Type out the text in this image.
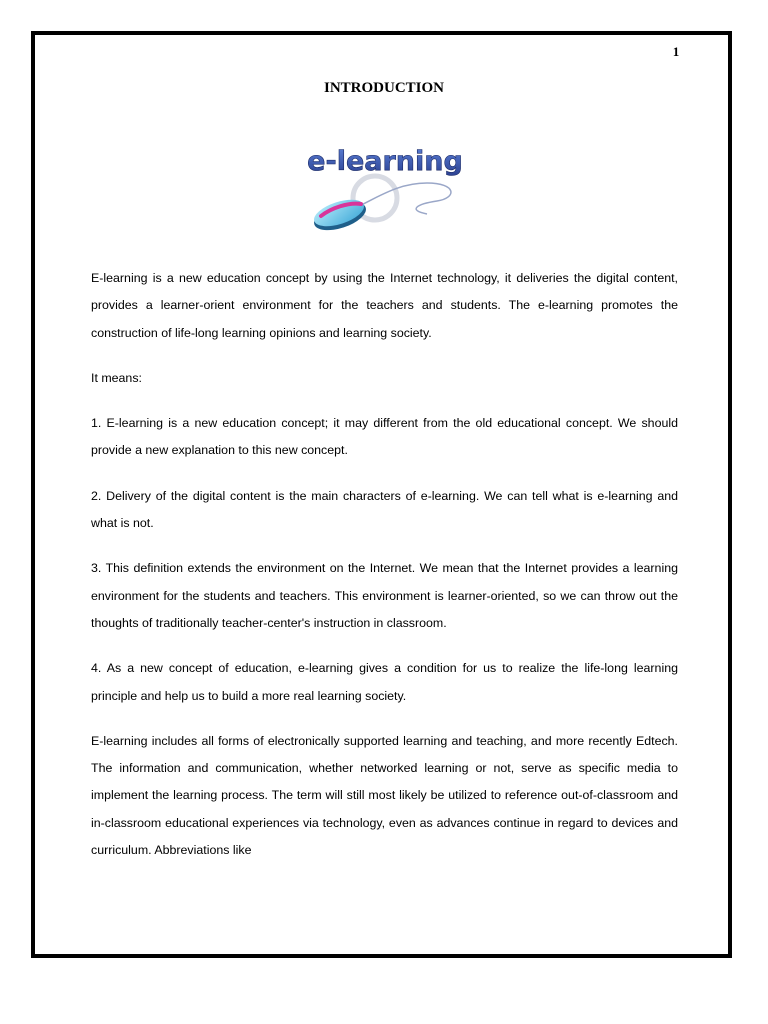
1
INTRODUCTION
e-learning

E-learning is a new education concept by using the Internet technology, it deliveries the digital content, provides a learner-orient environment for the teachers and students. The e-learning promotes the construction of life-long learning opinions and learning society.

It means:

1. E-learning is a new education concept; it may different from the old educational concept. We should provide a new explanation to this new concept.

2. Delivery of the digital content is the main characters of e-learning. We can tell what is e-learning and what is not.

3. This definition extends the environment on the Internet. We mean that the Internet provides a learning environment for the students and teachers. This environment is learner-oriented, so we can throw out the thoughts of traditionally teacher-center's instruction in classroom.

4. As a new concept of education, e-learning gives a condition for us to realize the life-long learning principle and help us to build a more real learning society.

E-learning includes all forms of electronically supported learning and teaching, and more recently Edtech. The information and communication, whether networked learning or not, serve as specific media to implement the learning process. The term will still most likely be utilized to reference out-of-classroom and in-classroom educational experiences via technology, even as advances continue in regard to devices and curriculum. Abbreviations like
